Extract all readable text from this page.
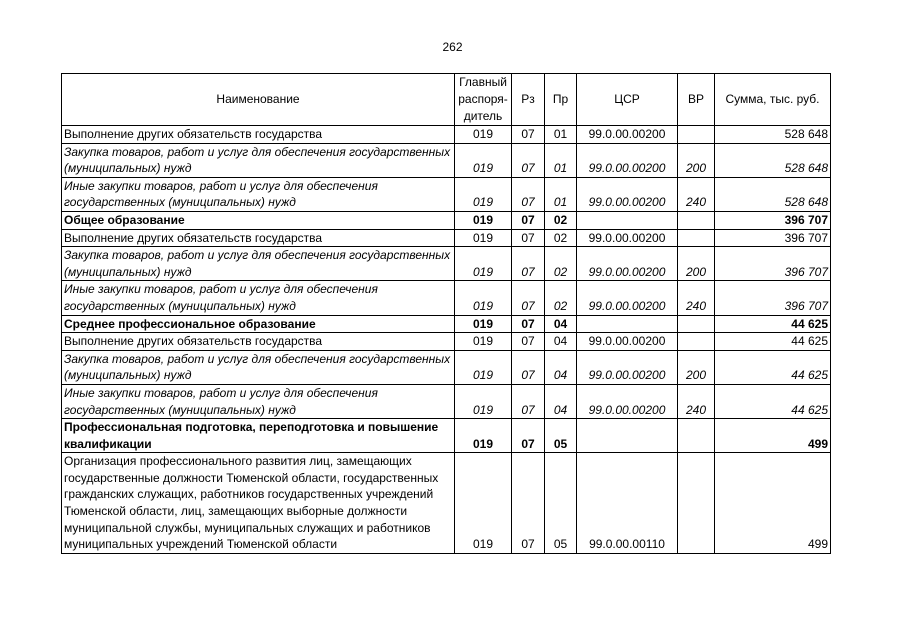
262
Наименование	Главный распоря-дитель	Рз	Пр	ЦСР	ВР	Сумма, тыс. руб.
Выполнение других обязательств государства	019	07	01	99.0.00.00200		528 648
Закупка товаров, работ и услуг для обеспечения государственных (муниципальных) нужд	019	07	01	99.0.00.00200	200	528 648
Иные закупки товаров, работ и услуг для обеспечения государственных (муниципальных) нужд	019	07	01	99.0.00.00200	240	528 648
Общее образование	019	07	02			396 707
Выполнение других обязательств государства	019	07	02	99.0.00.00200		396 707
Закупка товаров, работ и услуг для обеспечения государственных (муниципальных) нужд	019	07	02	99.0.00.00200	200	396 707
Иные закупки товаров, работ и услуг для обеспечения государственных (муниципальных) нужд	019	07	02	99.0.00.00200	240	396 707
Среднее профессиональное образование	019	07	04			44 625
Выполнение других обязательств государства	019	07	04	99.0.00.00200		44 625
Закупка товаров, работ и услуг для обеспечения государственных (муниципальных) нужд	019	07	04	99.0.00.00200	200	44 625
Иные закупки товаров, работ и услуг для обеспечения государственных (муниципальных) нужд	019	07	04	99.0.00.00200	240	44 625
Профессиональная подготовка, переподготовка и повышение квалификации	019	07	05			499
Организация профессионального развития лиц, замещающих государственные должности Тюменской области, государственных гражданских служащих, работников государственных учреждений Тюменской области, лиц, замещающих выборные должности муниципальной службы, муниципальных служащих и работников муниципальных учреждений Тюменской области	019	07	05	99.0.00.00110		499
